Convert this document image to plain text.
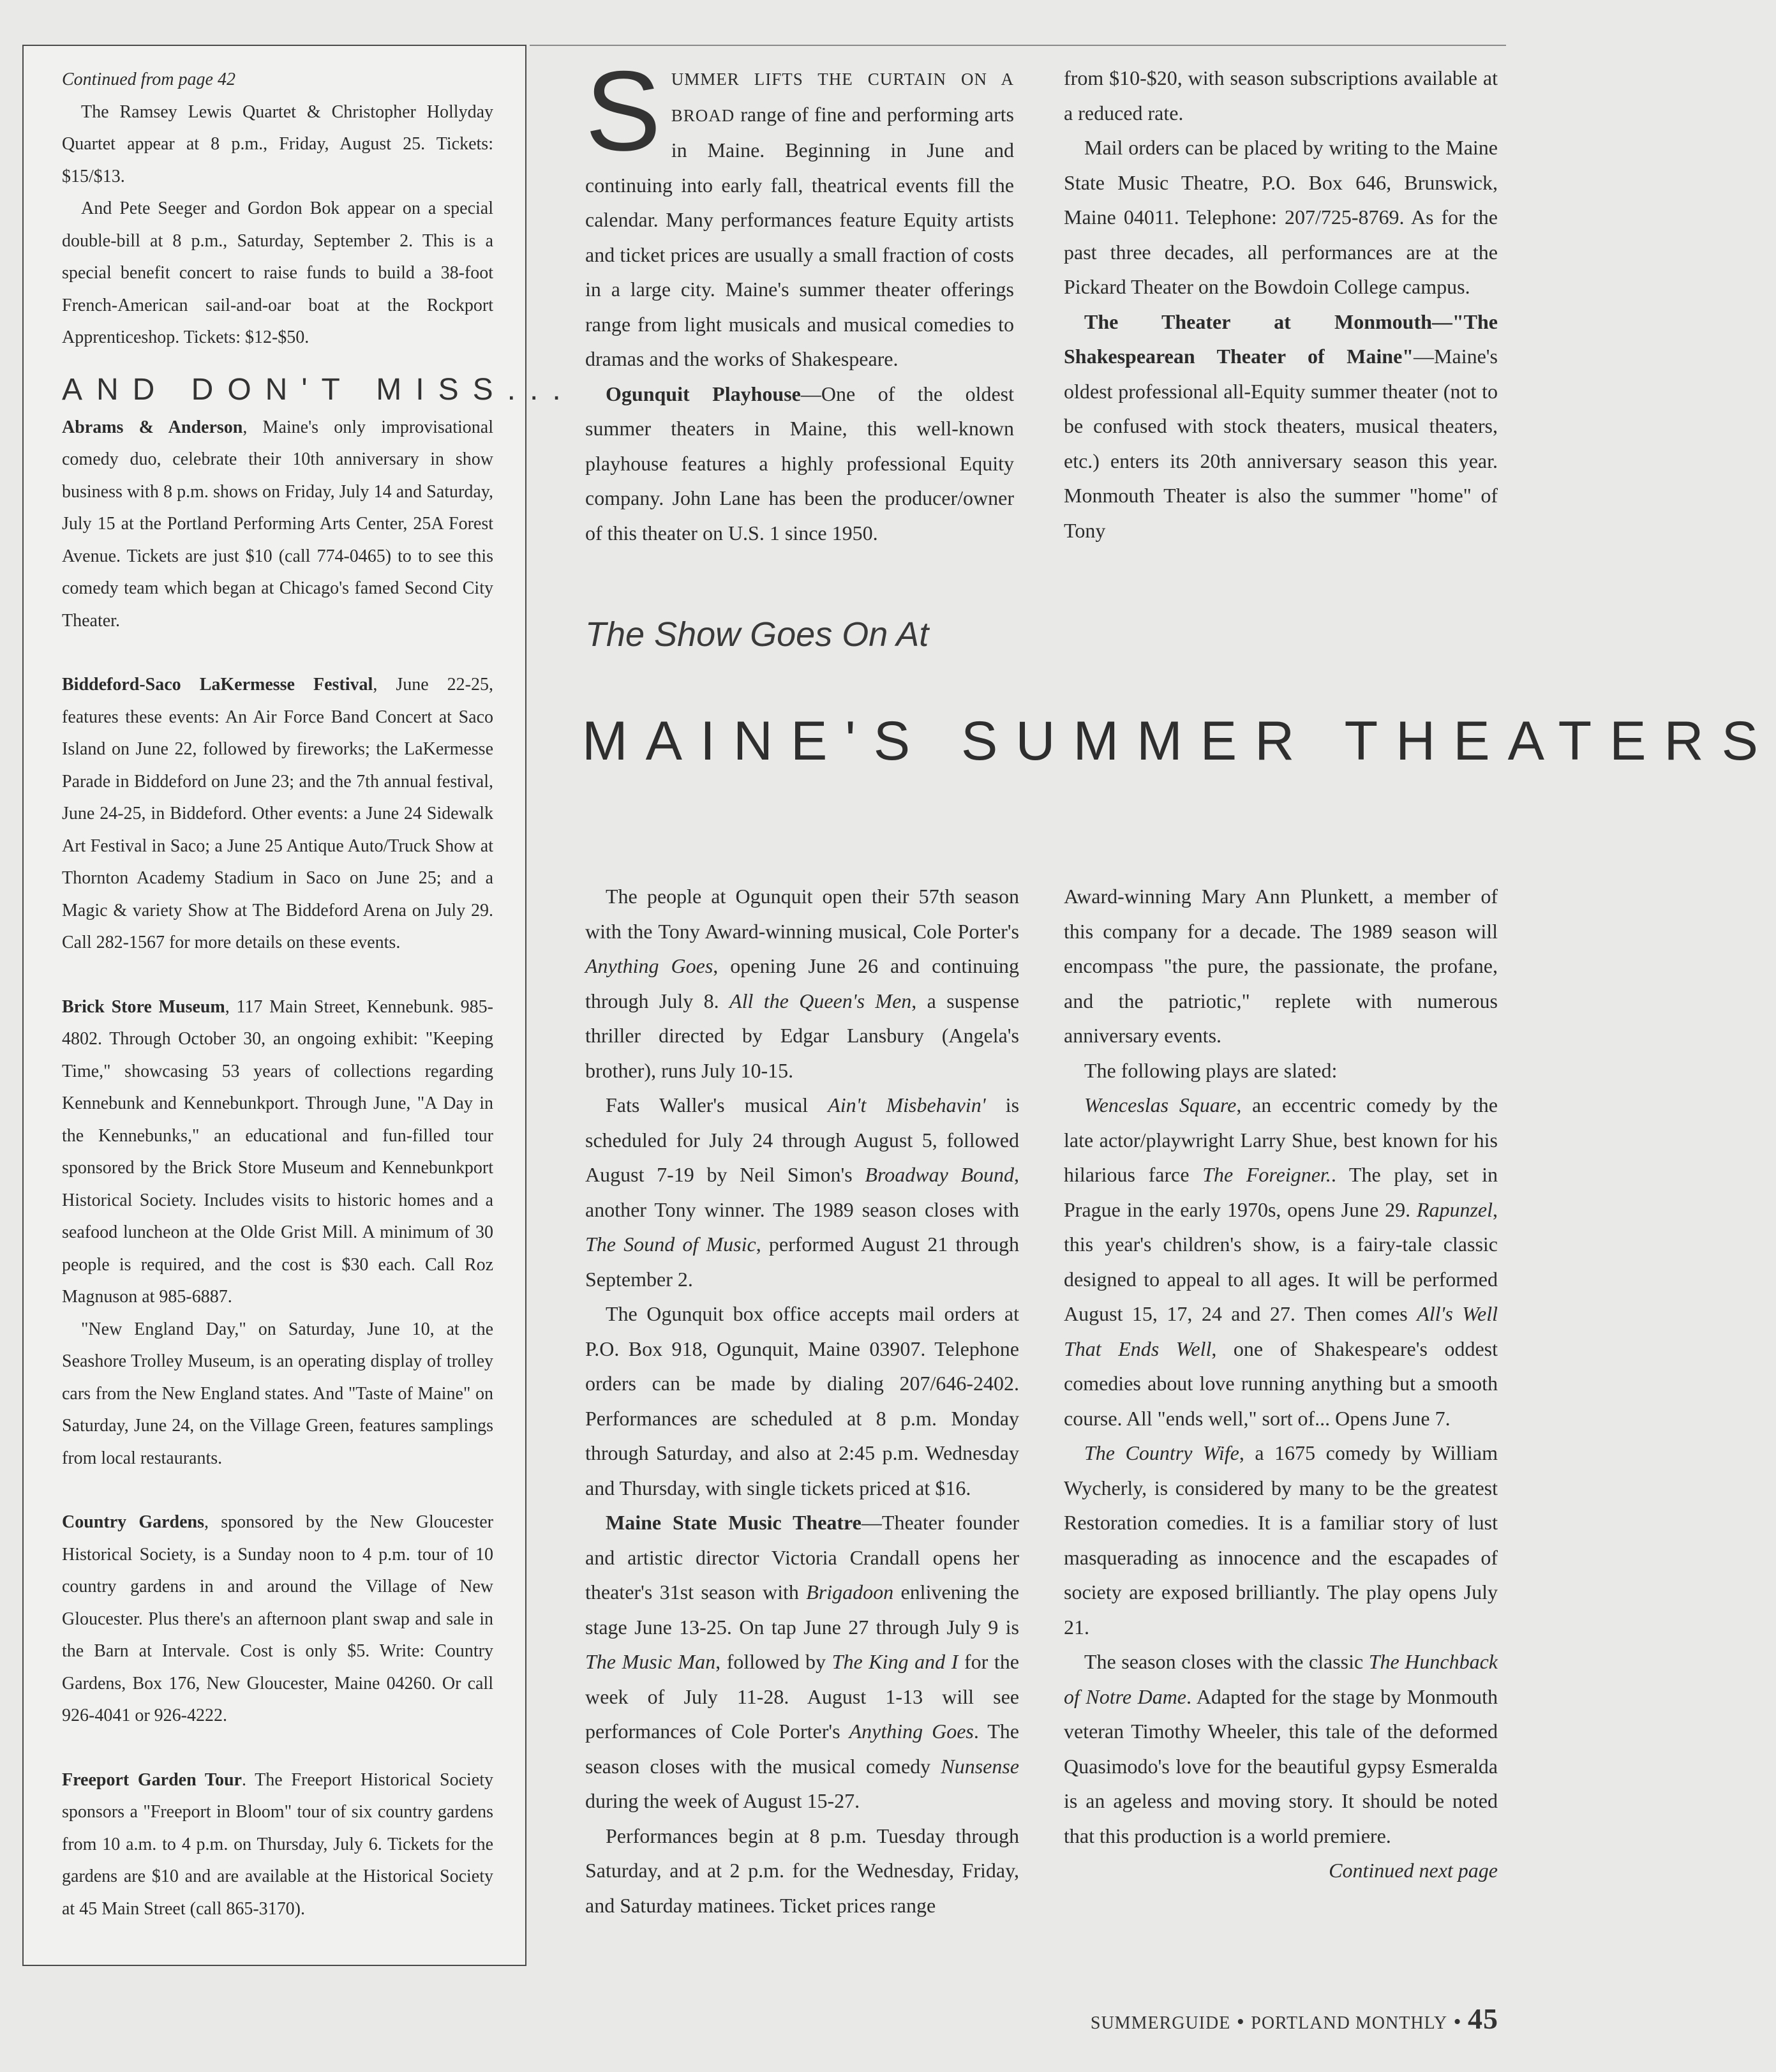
Continued from page 42

The Ramsey Lewis Quartet & Christopher Hollyday Quartet appear at 8 p.m., Friday, August 25. Tickets: $15/$13.

And Pete Seeger and Gordon Bok appear on a special double-bill at 8 p.m., Saturday, September 2. This is a special benefit concert to raise funds to build a 38-foot French-American sail-and-oar boat at the Rockport Apprenticeshop. Tickets: $12-$50.

AND DON'T MISS...

Abrams & Anderson, Maine's only improvisational comedy duo, celebrate their 10th anniversary in show business with 8 p.m. shows on Friday, July 14 and Saturday, July 15 at the Portland Performing Arts Center, 25A Forest Avenue. Tickets are just $10 (call 774-0465) to to see this comedy team which began at Chicago's famed Second City Theater.

Biddeford-Saco LaKermesse Festival, June 22-25, features these events: An Air Force Band Concert at Saco Island on June 22, followed by fireworks; the LaKermesse Parade in Biddeford on June 23; and the 7th annual festival, June 24-25, in Biddeford. Other events: a June 24 Sidewalk Art Festival in Saco; a June 25 Antique Auto/Truck Show at Thornton Academy Stadium in Saco on June 25; and a Magic & variety Show at The Biddeford Arena on July 29. Call 282-1567 for more details on these events.

Brick Store Museum, 117 Main Street, Kennebunk. 985-4802. Through October 30, an ongoing exhibit: "Keeping Time," showcasing 53 years of collections regarding Kennebunk and Kennebunkport. Through June, "A Day in the Kennebunks," an educational and fun-filled tour sponsored by the Brick Store Museum and Kennebunkport Historical Society. Includes visits to historic homes and a seafood luncheon at the Olde Grist Mill. A minimum of 30 people is required, and the cost is $30 each. Call Roz Magnuson at 985-6887.

"New England Day," on Saturday, June 10, at the Seashore Trolley Museum, is an operating display of trolley cars from the New England states. And "Taste of Maine" on Saturday, June 24, on the Village Green, features samplings from local restaurants.

Country Gardens, sponsored by the New Gloucester Historical Society, is a Sunday noon to 4 p.m. tour of 10 country gardens in and around the Village of New Gloucester. Plus there's an afternoon plant swap and sale in the Barn at Intervale. Cost is only $5. Write: Country Gardens, Box 176, New Gloucester, Maine 04260. Or call 926-4041 or 926-4222.

Freeport Garden Tour. The Freeport Historical Society sponsors a "Freeport in Bloom" tour of six country gardens from 10 a.m. to 4 p.m. on Thursday, July 6. Tickets for the gardens are $10 and are available at the Historical Society at 45 Main Street (call 865-3170).

SUMMER LIFTS THE CURTAIN ON A BROAD range of fine and performing arts in Maine. Beginning in June and continuing into early fall, theatrical events fill the calendar. Many performances feature Equity artists and ticket prices are usually a small fraction of costs in a large city. Maine's summer theater offerings range from light musicals and musical comedies to dramas and the works of Shakespeare.

Ogunquit Playhouse—One of the oldest summer theaters in Maine, this well-known playhouse features a highly professional Equity company. John Lane has been the producer/owner of this theater on U.S. 1 since 1950.

from $10-$20, with season subscriptions available at a reduced rate.

Mail orders can be placed by writing to the Maine State Music Theatre, P.O. Box 646, Brunswick, Maine 04011. Telephone: 207/725-8769. As for the past three decades, all performances are at the Pickard Theater on the Bowdoin College campus.

The Theater at Monmouth—"The Shakespearean Theater of Maine"—Maine's oldest professional all-Equity summer theater (not to be confused with stock theaters, musical theaters, etc.) enters its 20th anniversary season this year. Monmouth Theater is also the summer "home" of Tony

The Show Goes On At
MAINE'S SUMMER THEATERS

The people at Ogunquit open their 57th season with the Tony Award-winning musical, Cole Porter's Anything Goes, opening June 26 and continuing through July 8. All the Queen's Men, a suspense thriller directed by Edgar Lansbury (Angela's brother), runs July 10-15.

Fats Waller's musical Ain't Misbehavin' is scheduled for July 24 through August 5, followed August 7-19 by Neil Simon's Broadway Bound, another Tony winner. The 1989 season closes with The Sound of Music, performed August 21 through September 2.

The Ogunquit box office accepts mail orders at P.O. Box 918, Ogunquit, Maine 03907. Telephone orders can be made by dialing 207/646-2402. Performances are scheduled at 8 p.m. Monday through Saturday, and also at 2:45 p.m. Wednesday and Thursday, with single tickets priced at $16.

Maine State Music Theatre—Theater founder and artistic director Victoria Crandall opens her theater's 31st season with Brigadoon enlivening the stage June 13-25. On tap June 27 through July 9 is The Music Man, followed by The King and I for the week of July 11-28. August 1-13 will see performances of Cole Porter's Anything Goes. The season closes with the musical comedy Nunsense during the week of August 15-27.

Performances begin at 8 p.m. Tuesday through Saturday, and at 2 p.m. for the Wednesday, Friday, and Saturday matinees. Ticket prices range

Award-winning Mary Ann Plunkett, a member of this company for a decade. The 1989 season will encompass "the pure, the passionate, the profane, and the patriotic," replete with numerous anniversary events.

The following plays are slated:

Wenceslas Square, an eccentric comedy by the late actor/playwright Larry Shue, best known for his hilarious farce The Foreigner.. The play, set in Prague in the early 1970s, opens June 29. Rapunzel, this year's children's show, is a fairy-tale classic designed to appeal to all ages. It will be performed August 15, 17, 24 and 27. Then comes All's Well That Ends Well, one of Shakespeare's oddest comedies about love running anything but a smooth course. All "ends well," sort of... Opens June 7.

The Country Wife, a 1675 comedy by William Wycherly, is considered by many to be the greatest Restoration comedies. It is a familiar story of lust masquerading as innocence and the escapades of society are exposed brilliantly. The play opens July 21.

The season closes with the classic The Hunchback of Notre Dame. Adapted for the stage by Monmouth veteran Timothy Wheeler, this tale of the deformed Quasimodo's love for the beautiful gypsy Esmeralda is an ageless and moving story. It should be noted that this production is a world premiere.

Continued next page

SUMMERGUIDE • PORTLAND MONTHLY • 45
